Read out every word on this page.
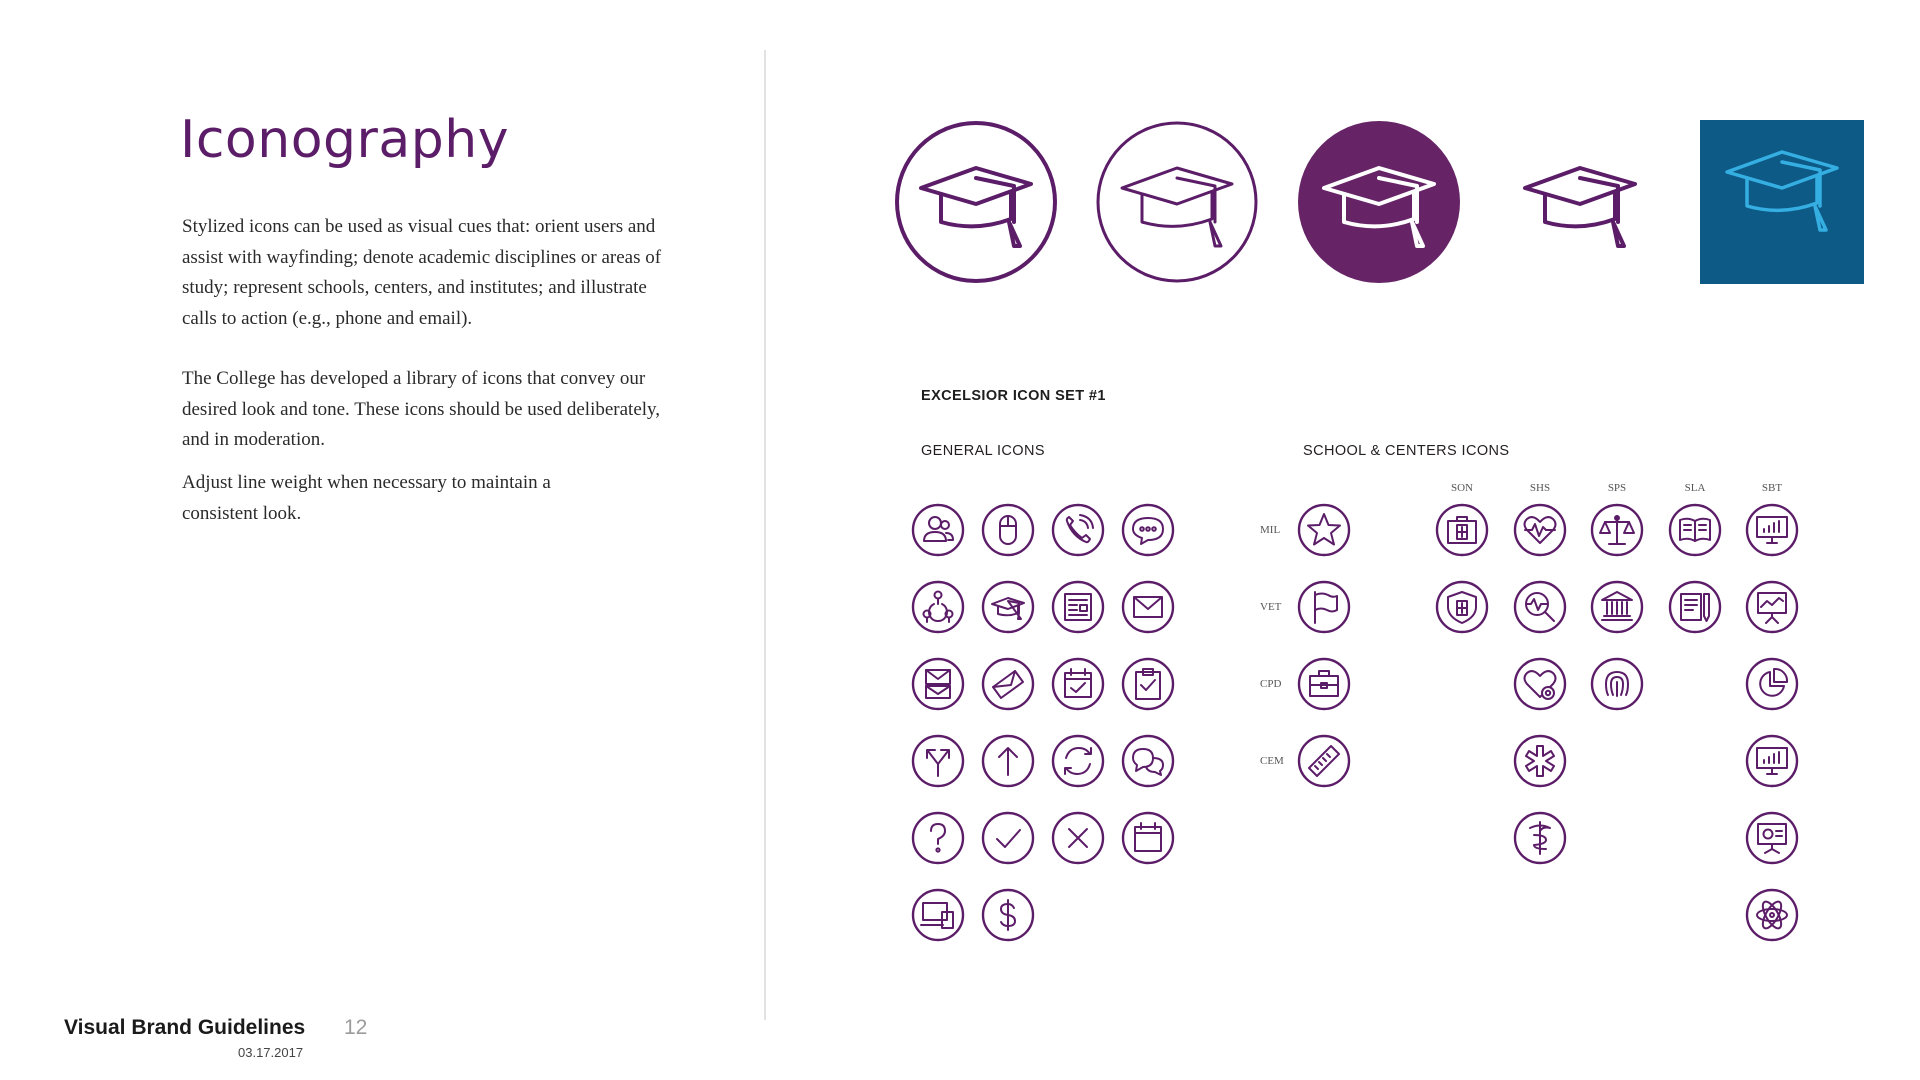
Iconography

Stylized icons can be used as visual cues that: orient users and assist with wayfinding; denote academic disciplines or areas of study; represent schools, centers, and institutes; and illustrate calls to action (e.g., phone and email).

The College has developed a library of icons that convey our desired look and tone. These icons should be used deliberately, and in moderation.

Adjust line weight when necessary to maintain a consistent look.

Visual Brand Guidelines
03.17.2017
12
EXCELSIOR ICON SET #1
GENERAL ICONS	SCHOOL & CENTERS ICONS
MIL
VET
CPD
CEM
SON	SHS	SPS	SLA	SBT
